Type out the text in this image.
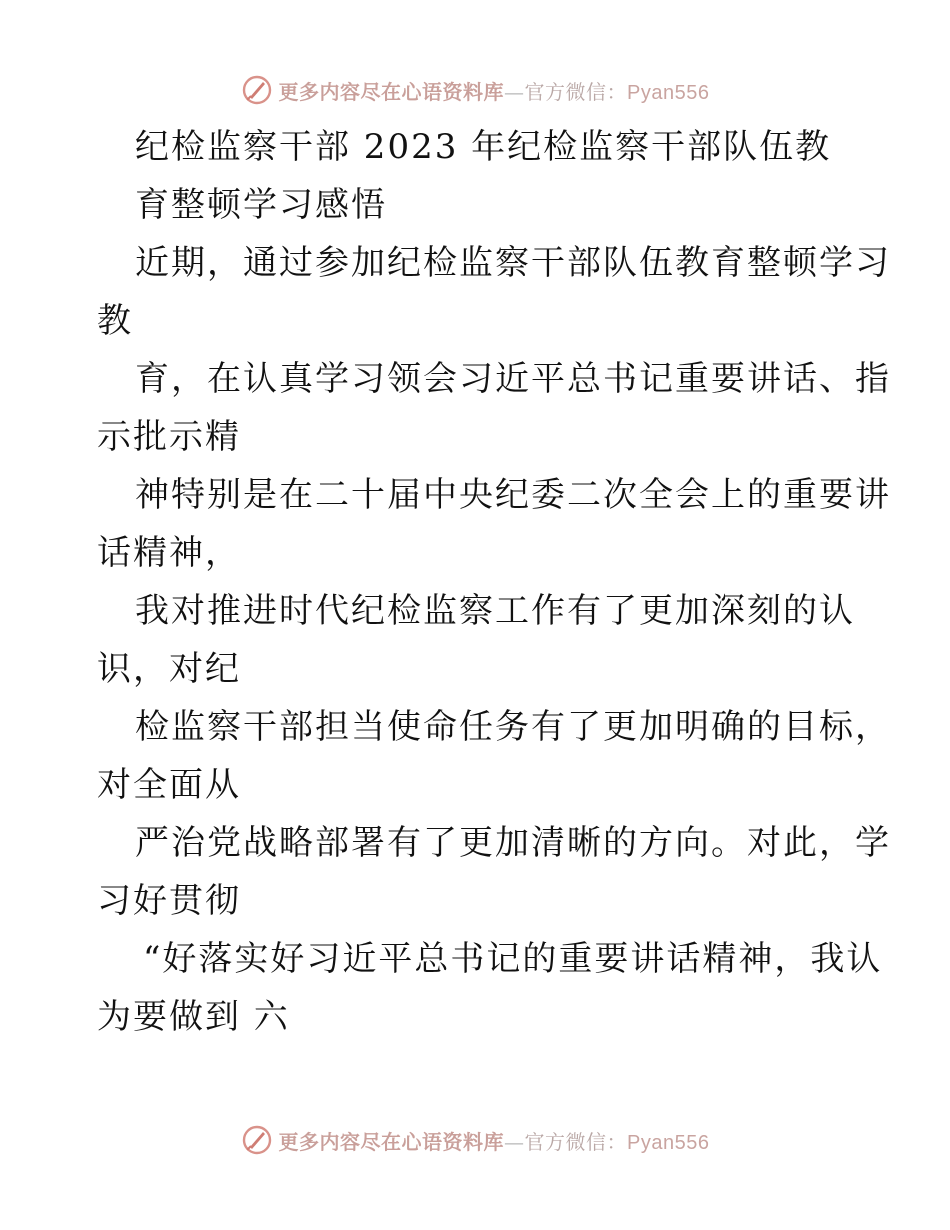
更多内容尽在心语资料库—官方微信：Pyan556
纪检监察干部 2023 年纪检监察干部队伍教
育整顿学习感悟
近期，通过参加纪检监察干部队伍教育整顿学习
教
育，在认真学习领会习近平总书记重要讲话、指
示批示精
神特别是在二十届中央纪委二次全会上的重要讲
话精神，
我对推进时代纪检监察工作有了更加深刻的认
识，对纪
检监察干部担当使命任务有了更加明确的目标，
对全面从
严治党战略部署有了更加清晰的方向。对此，学
习好贯彻
“好落实好习近平总书记的重要讲话精神，我认
为要做到 六
更多内容尽在心语资料库—官方微信：Pyan556
